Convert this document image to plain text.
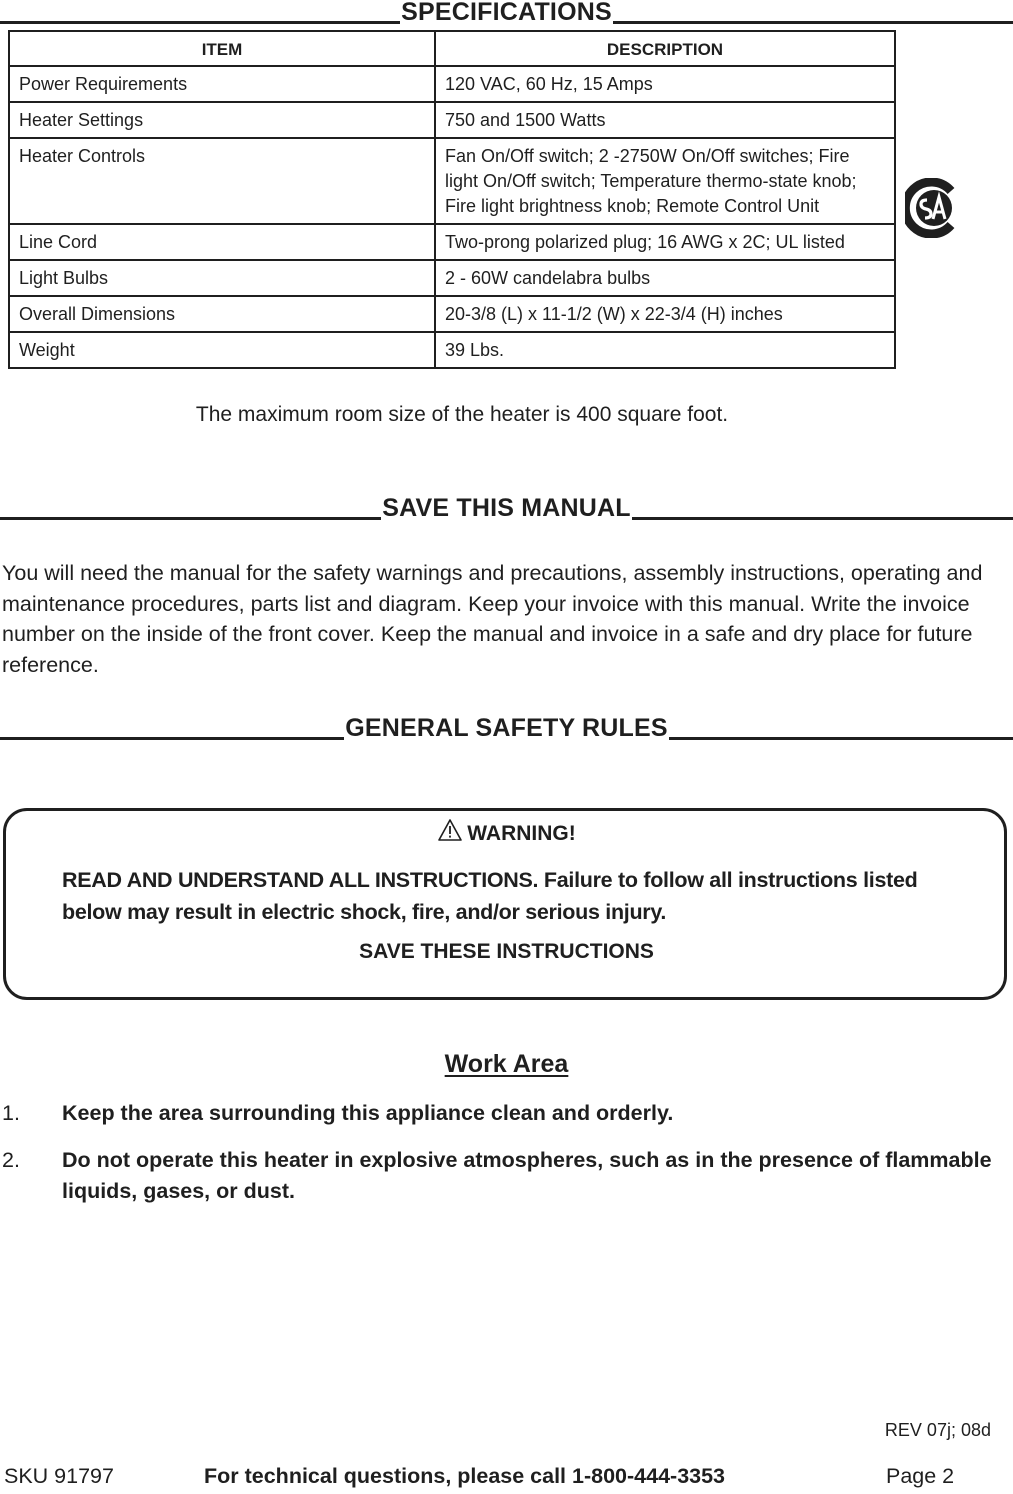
SPECIFICATIONS
ITEM	DESCRIPTION
Power Requirements	120 VAC, 60 Hz, 15 Amps
Heater Settings	750 and 1500 Watts
Heater Controls	Fan On/Off switch; 2 -2750W On/Off switches; Fire light On/Off switch; Temperature thermo-state knob; Fire light brightness knob; Remote Control Unit
Line Cord	Two-prong polarized plug; 16 AWG x 2C; UL listed
Light Bulbs	2 - 60W candelabra bulbs
Overall Dimensions	20-3/8 (L) x 11-1/2 (W) x 22-3/4 (H) inches
Weight	39 Lbs.
The maximum room size of the heater is 400 square foot.
SAVE THIS MANUAL
You will need the manual for the safety warnings and precautions, assembly instructions, operating and maintenance procedures, parts list and diagram. Keep your invoice with this manual. Write the invoice number on the inside of the front cover. Keep the manual and invoice in a safe and dry place for future reference.
GENERAL SAFETY RULES
WARNING!
READ AND UNDERSTAND ALL INSTRUCTIONS. Failure to follow all instructions listed below may result in electric shock, fire, and/or serious injury.
SAVE THESE INSTRUCTIONS
Work Area
1. Keep the area surrounding this appliance clean and orderly.
2. Do not operate this heater in explosive atmospheres, such as in the presence of flammable liquids, gases, or dust.
REV 07j; 08d
SKU 91797	For technical questions, please call 1-800-444-3353	Page 2
